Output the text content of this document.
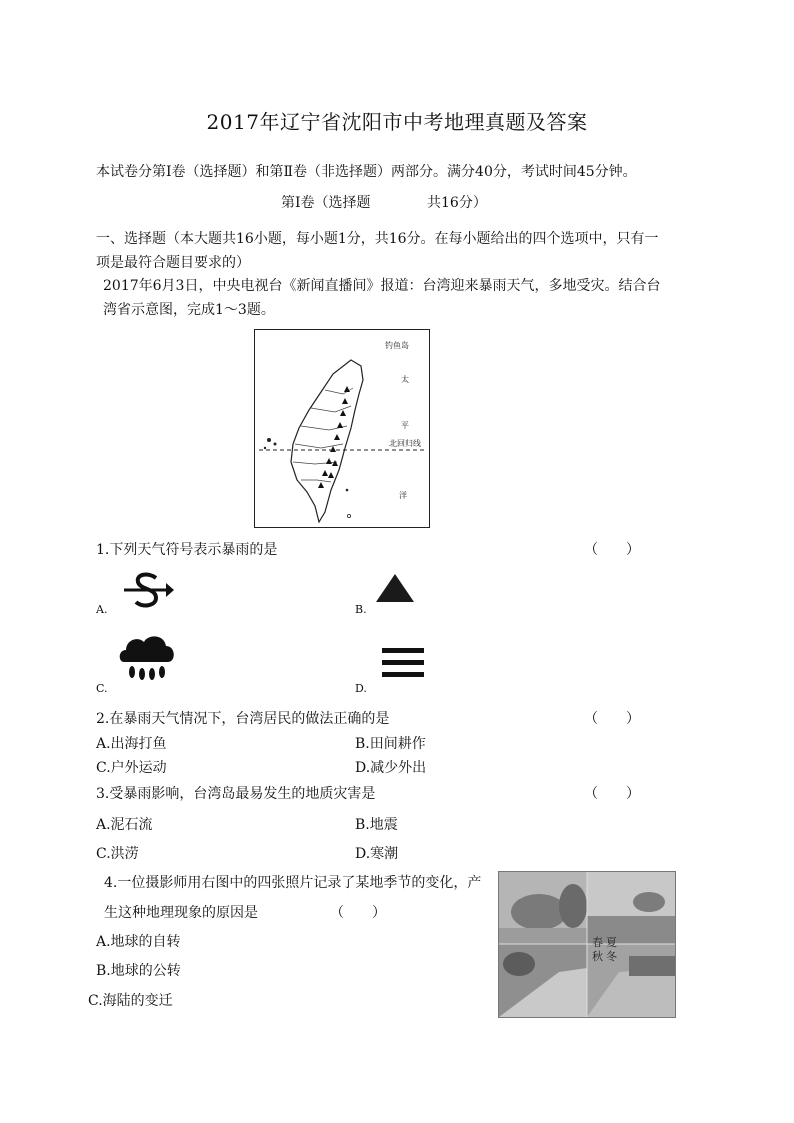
2017年辽宁省沈阳市中考地理真题及答案
本试卷分第Ⅰ卷（选择题）和第Ⅱ卷（非选择题）两部分。满分40分，考试时间45分钟。
第Ⅰ卷（选择题	共16分）
一、选择题（本大题共16小题，每小题1分，共16分。在每小题给出的四个选项中，只有一
项是最符合题目要求的）
2017年6月3日，中央电视台《新闻直播间》报道：台湾迎来暴雨天气，多地受灾。结合台
湾省示意图，完成1～3题。
钓鱼岛
太
平
北回归线
洋
1.下列天气符号表示暴雨的是	（　　）
A.	B.
C.	D.
2.在暴雨天气情况下，台湾居民的做法正确的是	（　　）
A.出海打鱼	B.田间耕作
C.户外运动	D.减少外出
3.受暴雨影响，台湾岛最易发生的地质灾害是	（　　）
A.泥石流	B.地震
C.洪涝	D.寒潮
4.一位摄影师用右图中的四张照片记录了某地季节的变化，产
生这种地理现象的原因是	（　　）
A.地球的自转
B.地球的公转
C.海陆的变迁
春 夏
秋 冬
